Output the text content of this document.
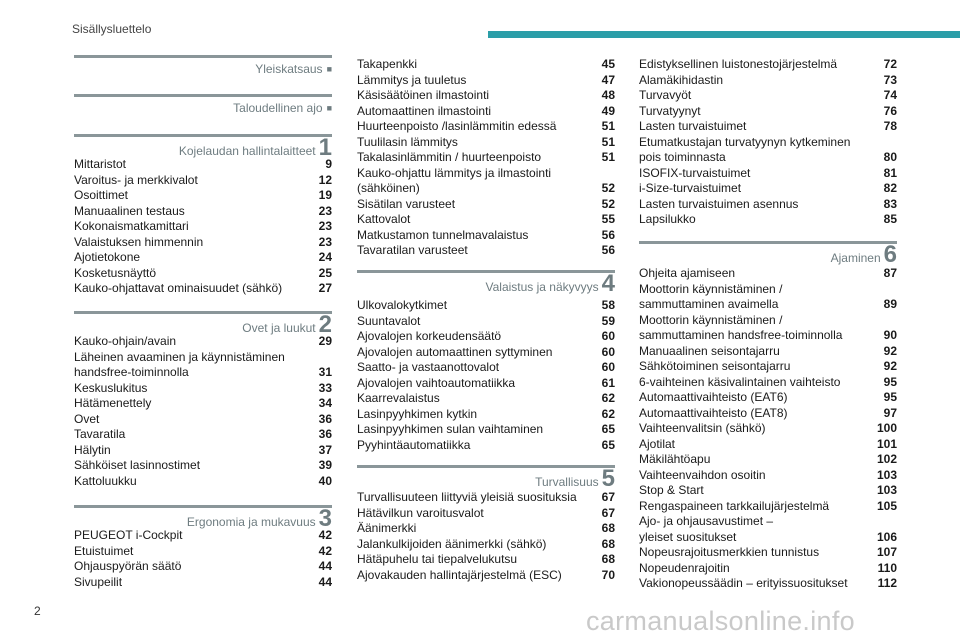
Sisällysluettelo
Yleiskatsaus ■
Taloudellinen ajo ■
Kojelaudan hallintalaitteet 1
Mittaristot	9
Varoitus- ja merkkivalot	12
Osoittimet	19
Manuaalinen testaus	23
Kokonaismatkamittari	23
Valaistuksen himmennin	23
Ajotietokone	24
Kosketusnäyttö	25
Kauko-ohjattavat ominaisuudet (sähkö)	27
Ovet ja luukut 2
Kauko-ohjain/avain	29
Läheinen avaaminen ja käynnistäminen
handsfree-toiminnolla	31
Keskuslukitus	33
Hätämenettely	34
Ovet	36
Tavaratila	36
Hälytin	37
Sähköiset lasinnostimet	39
Kattoluukku	40
Ergonomia ja mukavuus 3
PEUGEOT i-Cockpit	42
Etuistuimet	42
Ohjauspyörän säätö	44
Sivupeilit	44
Takapenkki	45
Lämmitys ja tuuletus	47
Käsisäätöinen ilmastointi	48
Automaattinen ilmastointi	49
Huurteenpoisto /lasinlämmitin edessä	51
Tuulilasin lämmitys	51
Takalasinlämmitin / huurteenpoisto	51
Kauko-ohjattu lämmitys ja ilmastointi
(sähköinen)	52
Sisätilan varusteet	52
Kattovalot	55
Matkustamon tunnelmavalaistus	56
Tavaratilan varusteet	56
Valaistus ja näkyvyys 4
Ulkovalokytkimet	58
Suuntavalot	59
Ajovalojen korkeudensäätö	60
Ajovalojen automaattinen syttyminen	60
Saatto- ja vastaanottovalot	60
Ajovalojen vaihtoautomatiikka	61
Kaarrevalaistus	62
Lasinpyyhkimen kytkin	62
Lasinpyyhkimen sulan vaihtaminen	65
Pyyhintäautomatiikka	65
Turvallisuus 5
Turvallisuuteen liittyviä yleisiä suosituksia	67
Hätävilkun varoitusvalot	67
Äänimerkki	68
Jalankulkijoiden äänimerkki (sähkö)	68
Hätäpuhelu tai tiepalvelukutsu	68
Ajovakauden hallintajärjestelmä (ESC)	70
Edistyksellinen luistonestojärjestelmä	72
Alamäkihidastin	73
Turvavyöt	74
Turvatyynyt	76
Lasten turvaistuimet	78
Etumatkustajan turvatyynyn kytkeminen
pois toiminnasta	80
ISOFIX-turvaistuimet	81
i-Size-turvaistuimet	82
Lasten turvaistuimen asennus	83
Lapsilukko	85
Ajaminen 6
Ohjeita ajamiseen	87
Moottorin käynnistäminen /
sammuttaminen avaimella	89
Moottorin käynnistäminen /
sammuttaminen handsfree-toiminnolla	90
Manuaalinen seisontajarru	92
Sähkötoiminen seisontajarru	92
6-vaihteinen käsivalintainen vaihteisto	95
Automaattivaihteisto (EAT6)	95
Automaattivaihteisto (EAT8)	97
Vaihteenvalitsin (sähkö)	100
Ajotilat	101
Mäkilähtöapu	102
Vaihteenvaihdon osoitin	103
Stop & Start	103
Rengaspaineen tarkkailujärjestelmä	105
Ajo- ja ohjausavustimet –
yleiset suositukset	106
Nopeusrajoitusmerkkien tunnistus	107
Nopeudenrajoitin	110
Vakionopeussäädin – erityissuositukset	112
2	carmanualsonline.info
